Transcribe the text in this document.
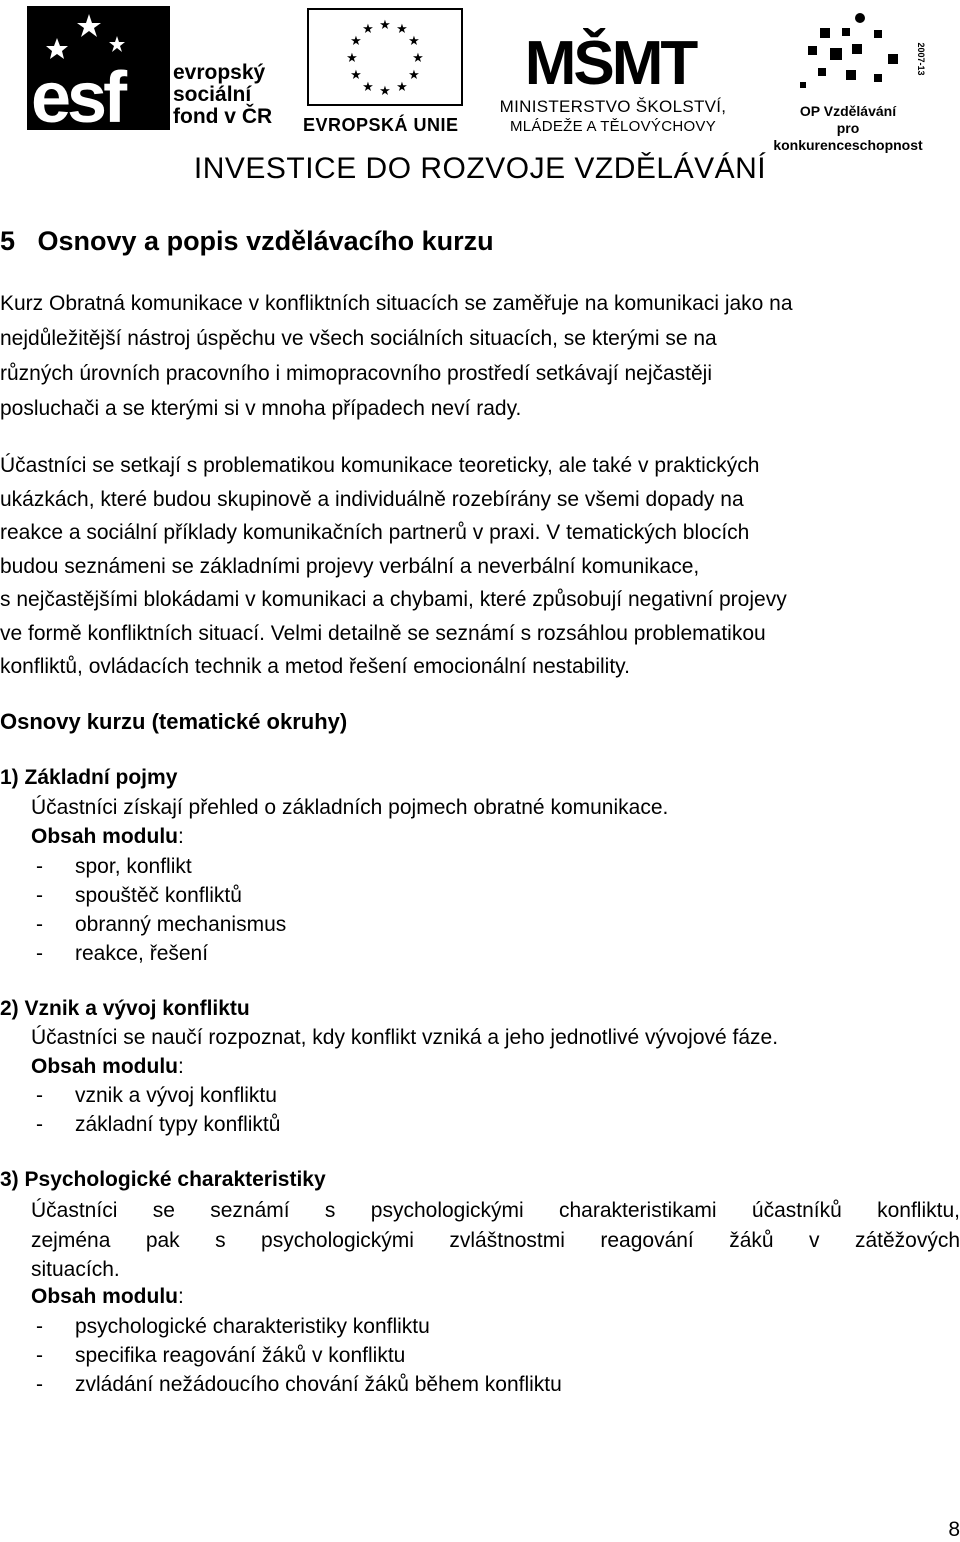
esf evropský
sociální
fond v ČR
★ ★
★
★
★
★
★
★
★
★
★
★
EVROPSKÁ UNIE
MŠMT
MINISTERSTVO ŠKOLSTVÍ,
MLÁDEŽE A TĚLOVÝCHOVY
2007-13
OP Vzdělávání
pro konkurenceschopnost
INVESTICE DO ROZVOJE VZDĚLÁVÁNÍ
5   Osnovy a popis vzdělávacího kurzu
Kurz Obratná komunikace v konfliktních situacích se zaměřuje na komunikaci jako na
nejdůležitější nástroj úspěchu ve všech sociálních situacích, se kterými se na
různých úrovních pracovního i mimopracovního prostředí setkávají nejčastěji
posluchači a se kterými si v mnoha případech neví rady.
Účastníci se setkají s problematikou komunikace teoreticky, ale také v praktických
ukázkách, které budou skupinově a individuálně rozebírány se všemi dopady na
reakce a sociální příklady komunikačních partnerů v praxi. V tematických blocích
budou seznámeni se základními projevy verbální a neverbální komunikace,
s nejčastějšími blokádami v komunikaci a chybami, které způsobují negativní projevy
ve formě konfliktních situací. Velmi detailně se seznámí s rozsáhlou problematikou
konfliktů, ovládacích technik a metod řešení emocionální nestability.
Osnovy kurzu (tematické okruhy)
1) Základní pojmy
Účastníci získají přehled o základních pojmech obratné komunikace.
Obsah modulu:
- spor, konflikt
- spouštěč konfliktů
- obranný mechanismus
- reakce, řešení
2) Vznik a vývoj konfliktu
Účastníci se naučí rozpoznat, kdy konflikt vzniká a jeho jednotlivé vývojové fáze.
Obsah modulu:
- vznik a vývoj konfliktu
- základní typy konfliktů
3) Psychologické charakteristiky
Účastníci se seznámí s psychologickými charakteristikami účastníků konfliktu,
zejména pak s psychologickými zvláštnostmi reagování žáků v zátěžových
situacích.
Obsah modulu:
- psychologické charakteristiky konfliktu
- specifika reagování žáků v konfliktu
- zvládání nežádoucího chování žáků během konfliktu
8
